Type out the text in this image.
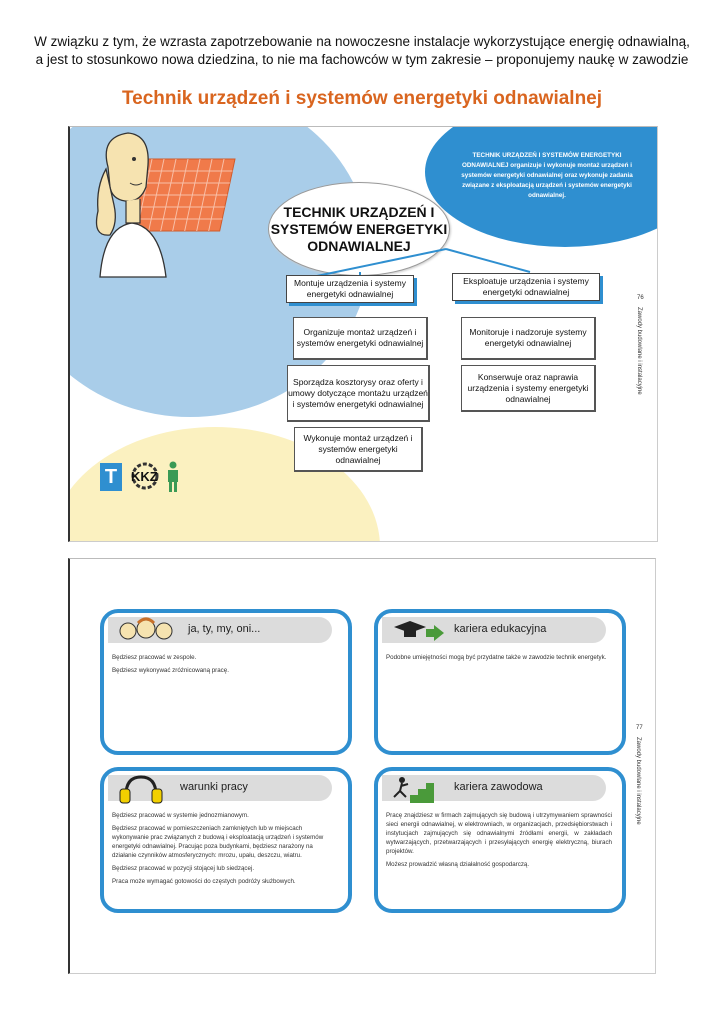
W związku z tym, że wzrasta zapotrzebowanie na nowoczesne instalacje wykorzystujące energię odnawialną,
a jest to stosunkowo nowa dziedzina, to nie ma fachowców w tym zakresie – proponujemy naukę w zawodzie
Technik urządzeń i systemów energetyki odnawialnej
TECHNIK URZĄDZEŃ I SYSTEMÓW ENERGETYKI ODNAWIALNEJ organizuje i wykonuje montaż urządzeń i systemów energetyki odnawialnej oraz wykonuje zadania związane z eksploatacją urządzeń i systemów energetyki odnawialnej.
TECHNIK URZĄDZEŃ I SYSTEMÓW ENERGETYKI ODNAWIALNEJ
Montuje urządzenia i systemy energetyki odnawialnej
Eksploatuje urządzenia i systemy energetyki odnawialnej
Organizuje montaż urządzeń i systemów energetyki odnawialnej
Sporządza kosztorysy oraz oferty i umowy dotyczące montażu urządzeń i systemów energetyki odnawialnej
Wykonuje montaż urządzeń i systemów energetyki odnawialnej
Monitoruje i nadzoruje systemy energetyki odnawialnej
Konserwuje oraz naprawia urządzenia i systemy energetyki odnawialnej
76
Zawody budowlane i instalacyjne
T	KKZ
ja, ty, my, oni...

Będziesz pracować w zespole.

Będziesz wykonywać zróżnicowaną pracę.

kariera edukacyjna

Podobne umiejętności mogą być przydatne także w zawodzie technik energetyk.

warunki pracy

Będziesz pracować w systemie jednozmianowym.

Będziesz pracować w pomieszczeniach zamkniętych lub w miejscach wykonywanie prac związanych z budową i eksploatacją urządzeń i systemów energetyki odnawialnej. Pracując poza budynkami, będziesz narażony na działanie czynników atmosferycznych: mrozu, upału, deszczu, wiatru.

Będziesz pracować w pozycji stojącej lub siedzącej.

Praca może wymagać gotowości do częstych podróży służbowych.

kariera zawodowa

Pracę znajdziesz w firmach zajmujących się budową i utrzymywaniem sprawności sieci energii odnawialnej, w elektrowniach, w organizacjach, przedsiębiorstwach i instytucjach zajmujących się odnawialnymi źródłami energii, w zakładach wytwarzających, przetwarzających i przesyłających energię elektryczną, biurach projektów.

Możesz prowadzić własną działalność gospodarczą.

77
Zawody budowlane i instalacyjne
